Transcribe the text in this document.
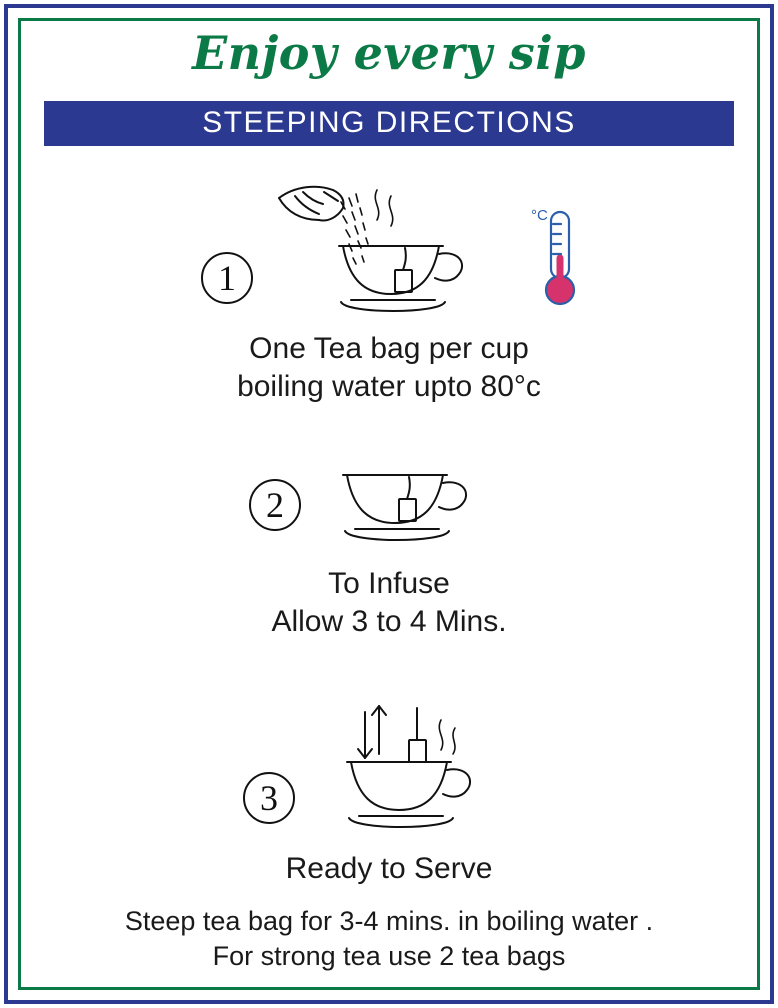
Enjoy every sip
STEEPING DIRECTIONS
1
°C
One Tea bag per cup
boiling water upto 80°c
2
To Infuse
Allow 3 to 4 Mins.
3
Ready to Serve
Steep tea bag for 3-4 mins. in boiling water .
For strong tea use 2 tea bags
